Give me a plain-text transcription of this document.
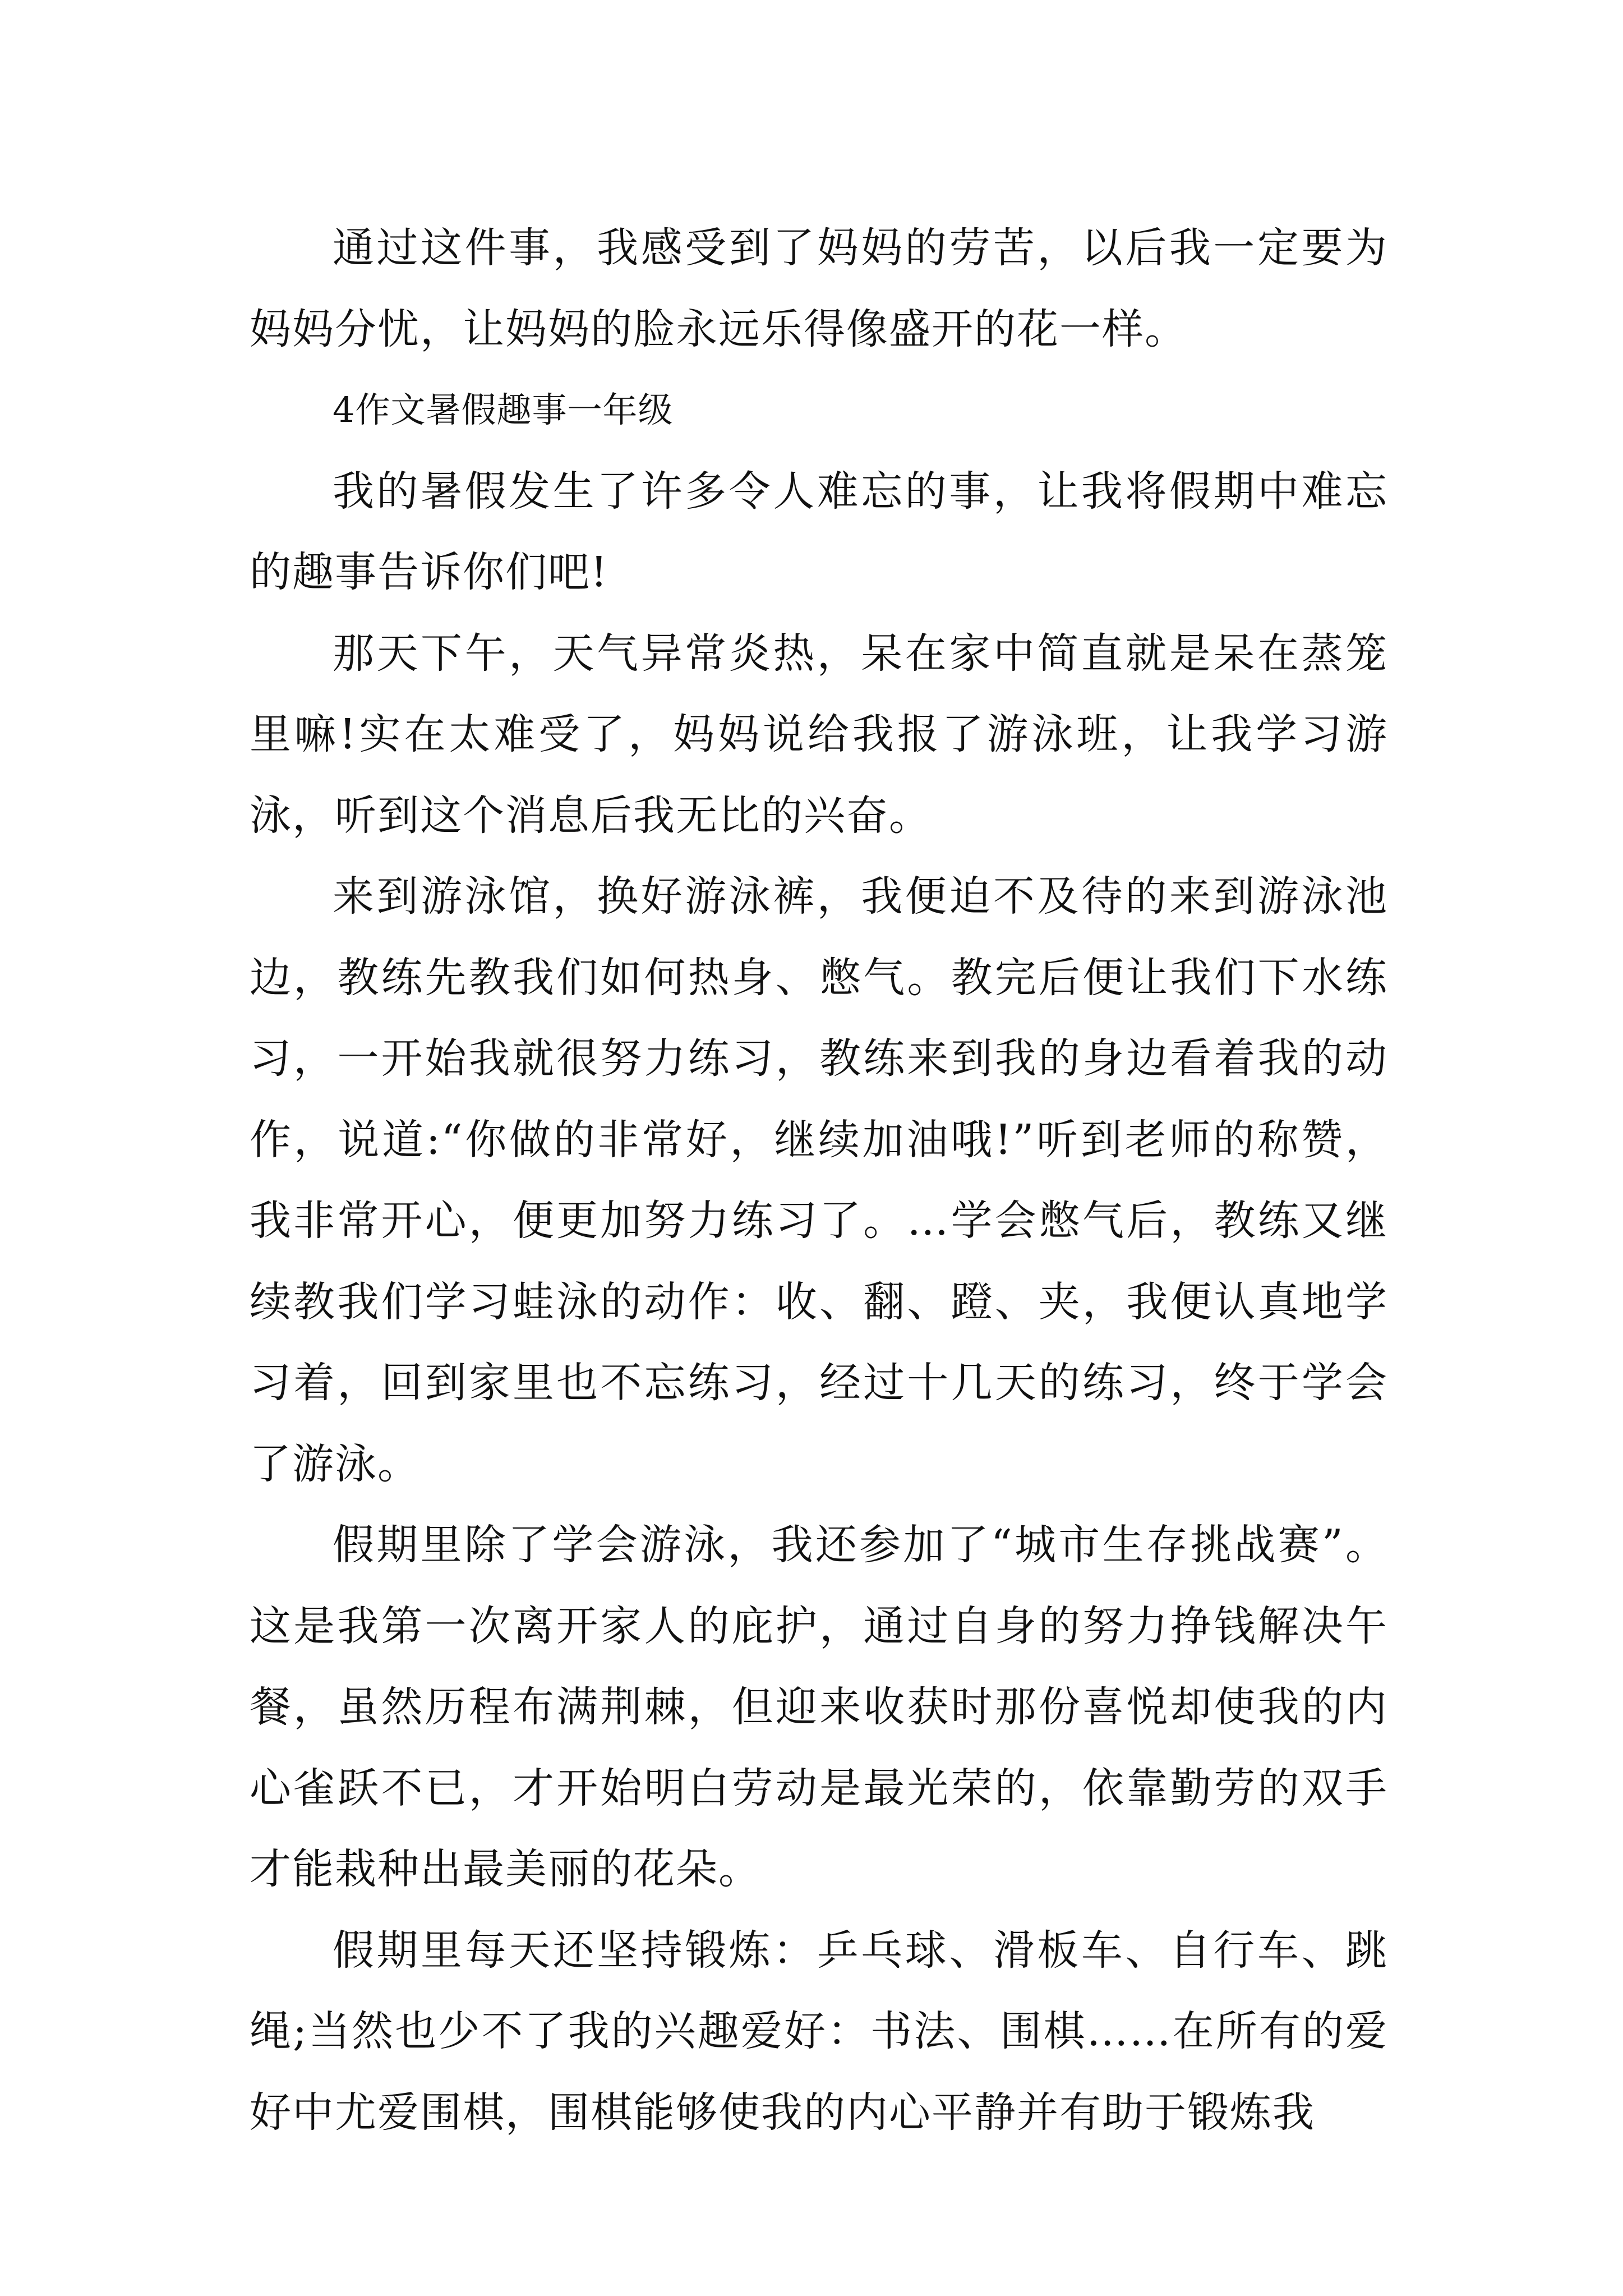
通过这件事，我感受到了妈妈的劳苦，以后我一定要为妈妈分忧，让妈妈的脸永远乐得像盛开的花一样。

4作文暑假趣事一年级

我的暑假发生了许多令人难忘的事，让我将假期中难忘的趣事告诉你们吧!

那天下午，天气异常炎热，呆在家中简直就是呆在蒸笼里嘛!实在太难受了，妈妈说给我报了游泳班，让我学习游泳，听到这个消息后我无比的兴奋。

来到游泳馆，换好游泳裤，我便迫不及待的来到游泳池边，教练先教我们如何热身、憋气。教完后便让我们下水练习，一开始我就很努力练习，教练来到我的身边看着我的动作，说道:“你做的非常好，继续加油哦!”听到老师的称赞，我非常开心，便更加努力练习了。…学会憋气后，教练又继续教我们学习蛙泳的动作：收、翻、蹬、夹，我便认真地学习着，回到家里也不忘练习，经过十几天的练习，终于学会了游泳。

假期里除了学会游泳，我还参加了“城市生存挑战赛”。这是我第一次离开家人的庇护，通过自身的努力挣钱解决午餐，虽然历程布满荆棘，但迎来收获时那份喜悦却使我的内心雀跃不已，才开始明白劳动是最光荣的，依靠勤劳的双手才能栽种出最美丽的花朵。

假期里每天还坚持锻炼：乒乓球、滑板车、自行车、跳绳;当然也少不了我的兴趣爱好：书法、围棋……在所有的爱好中尤爱围棋，围棋能够使我的内心平静并有助于锻炼我
